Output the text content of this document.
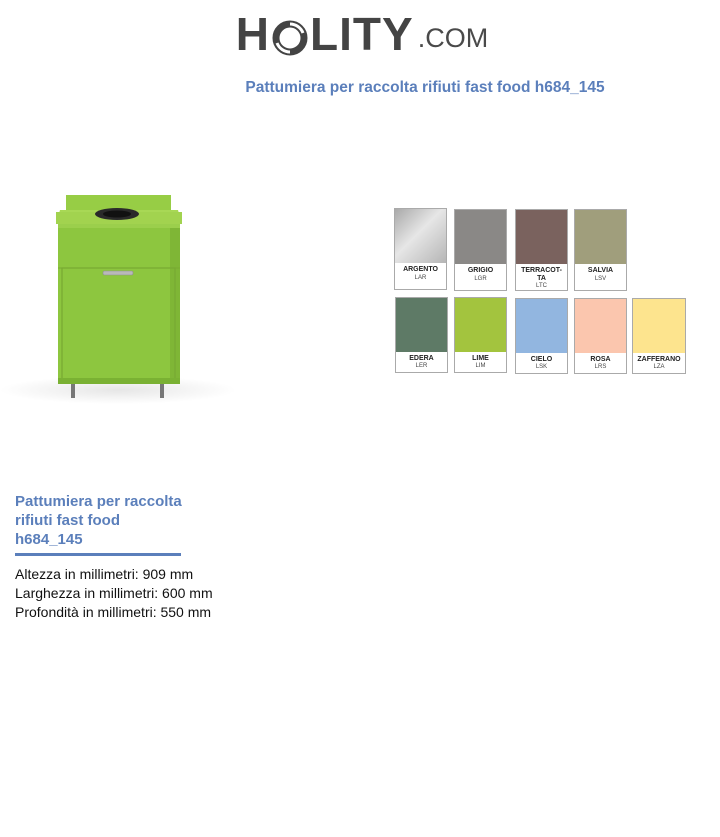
H LITY .COM
Pattumiera per raccolta rifiuti fast food h684_145
ARGENTO
LAR
GRIGIO
LGR
TERRACOT-
TA
LTC
SALVIA
LSV
EDERA
LER
LIME
LIM
CIELO
LSK
ROSA
LRS
ZAFFERANO
LZA
Pattumiera per raccolta
rifiuti fast food
h684_145
Altezza in millimetri: 909 mm
Larghezza in millimetri: 600 mm
Profondità in millimetri: 550 mm
